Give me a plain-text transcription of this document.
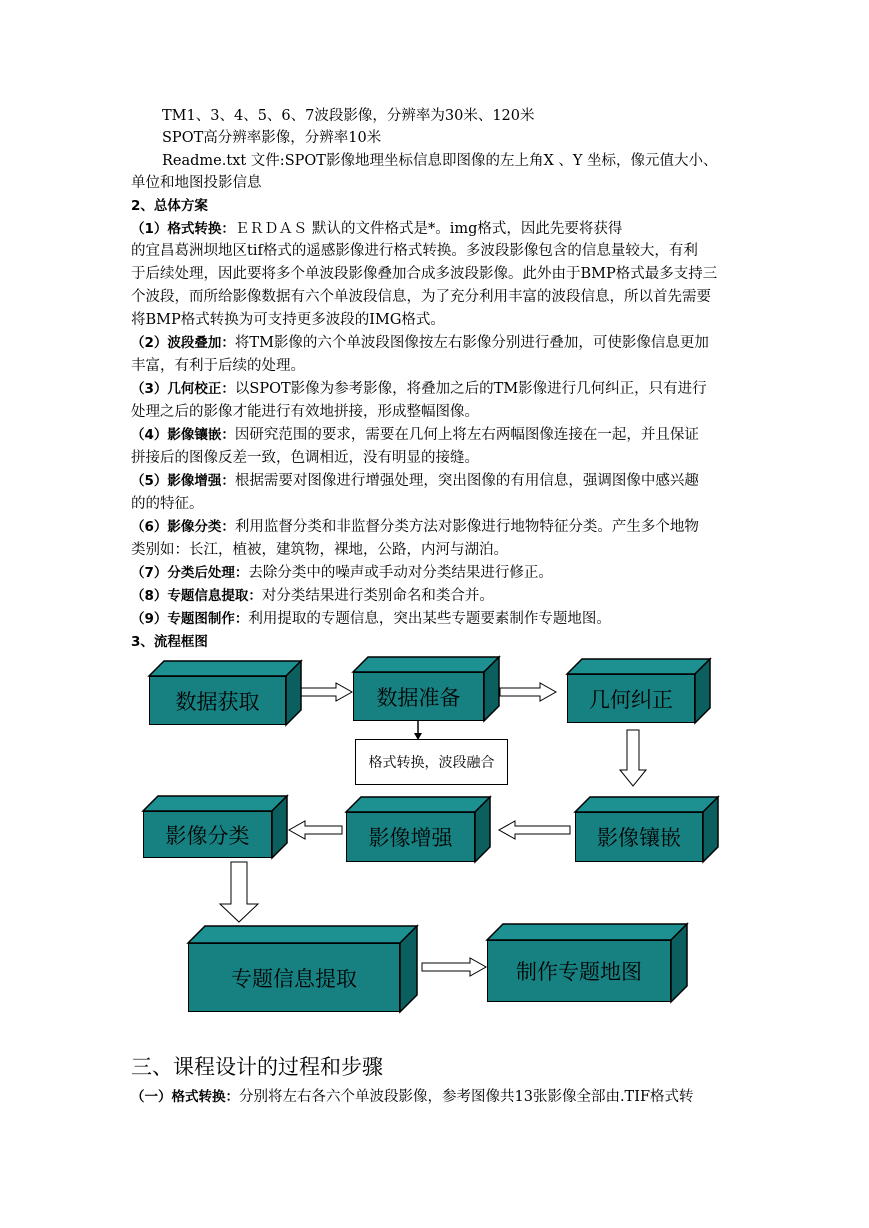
TM1、3、4、5、6、7波段影像，分辨率为30米、120米
SPOT高分辨率影像，分辨率10米
Readme.txt 文件:SPOT影像地理坐标信息即图像的左上角X 、Y 坐标，像元值大小、
单位和地图投影信息
2、总体方案
（1）格式转换：ＥＲＤＡＳ 默认的文件格式是*。img格式，因此先要将获得
的宜昌葛洲坝地区tif格式的遥感影像进行格式转换。多波段影像包含的信息量较大，有利
于后续处理，因此要将多个单波段影像叠加合成多波段影像。此外由于BMP格式最多支持三
个波段，而所给影像数据有六个单波段信息，为了充分利用丰富的波段信息，所以首先需要
将BMP格式转换为可支持更多波段的IMG格式。
（2）波段叠加：将TM影像的六个单波段图像按左右影像分别进行叠加，可使影像信息更加
丰富，有利于后续的处理。
（3）几何校正：以SPOT影像为参考影像，将叠加之后的TM影像进行几何纠正，只有进行
处理之后的影像才能进行有效地拼接，形成整幅图像。
（4）影像镶嵌：因研究范围的要求，需要在几何上将左右两幅图像连接在一起，并且保证
拼接后的图像反差一致，色调相近，没有明显的接缝。
（5）影像增强：根据需要对图像进行增强处理，突出图像的有用信息，强调图像中感兴趣
的的特征。
（6）影像分类：利用监督分类和非监督分类方法对影像进行地物特征分类。产生多个地物
类别如：长江，植被，建筑物，裸地，公路，内河与湖泊。
（7）分类后处理：去除分类中的噪声或手动对分类结果进行修正。
（8）专题信息提取：对分类结果进行类别命名和类合并。
（9）专题图制作：利用提取的专题信息，突出某些专题要素制作专题地图。
3、流程框图
数据获取	数据准备	几何纠正
格式转换，波段融合
影像分类	影像增强	影像镶嵌
专题信息提取	制作专题地图
三、课程设计的过程和步骤
（一）格式转换：分别将左右各六个单波段影像，参考图像共13张影像全部由.TIF格式转
